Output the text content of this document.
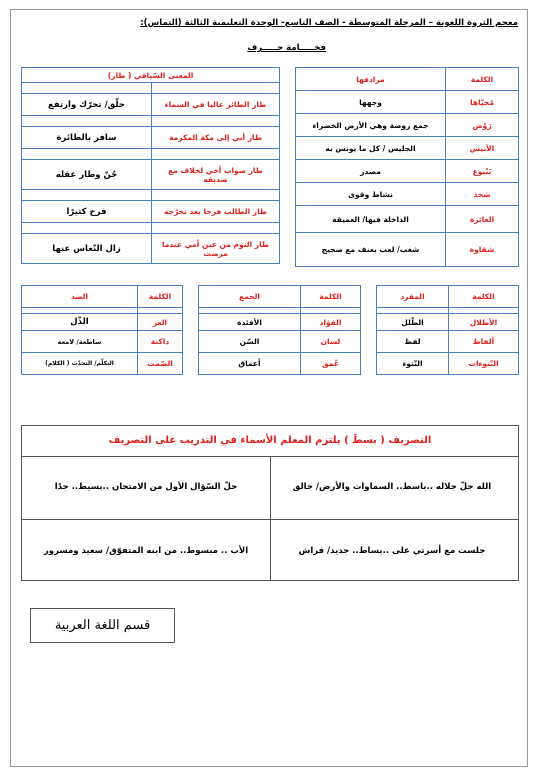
معجم الثروة اللغوية – المرحلة المتوسطة - الصف التاسع- الوحدة التعليمية الثالثة (التماس):
فخـــــامة حـــــرف
الكلمة	مرادفها
مُحيّاها	وجهها
رَوْض	جمع روضة وهي الأرض الخضراء
الأنيس	الجليس / كل ما يونس به
يَنْبوع	مصدر
شحذ	نشاط وقوى
الغائرة	الداخلة فيها/ العميقة
شقاوة	شغب/ لعب بعنف مع ضجيج
المعنى السّياقي ( طار)	

طار الطائر عاليا في السماء	حلّق/ تحرّك وارتفع

طار أبي إلى مكة المكرمة	سافر بالطائرة

طار صواب أخي لخلاف مع صديقه	جُنّ وطار عقله

طار الطالب فرحا بعد تخرّجه	فرح كثيرًا

طار النوم من عين أمي عندما مرضت	زال النّعاس عنها
الكلمة	المفرد

الأطلال	الطّلل
ألفاظ	لفظ
النّتوءات	النّتوء
الكلمة	الجمع

الفؤاد	الأفئدة
لسان	السّن
عُمق	أعماق
الكلمة	الضد

العز	الذّل
داكنة	ساطعة/ لامعة
الصّمت	التكلّم/ التحدّث ( الكلام)
التصريف ( بسطَ ) يلتزم المعلم الأسماء في التدريب على التصريف
الله جلّ جلاله ..باسط.. السماوات والأرض/ خالق
حلّ السّؤال الأول من الامتحان ..بسيط.. جدًا
جلست مع أسرتي على ..بساط.. جديد/ فراش
الأب .. مبسوط.. من ابنه المتفوّق/ سعيد ومسرور
قسم اللغة العربية
